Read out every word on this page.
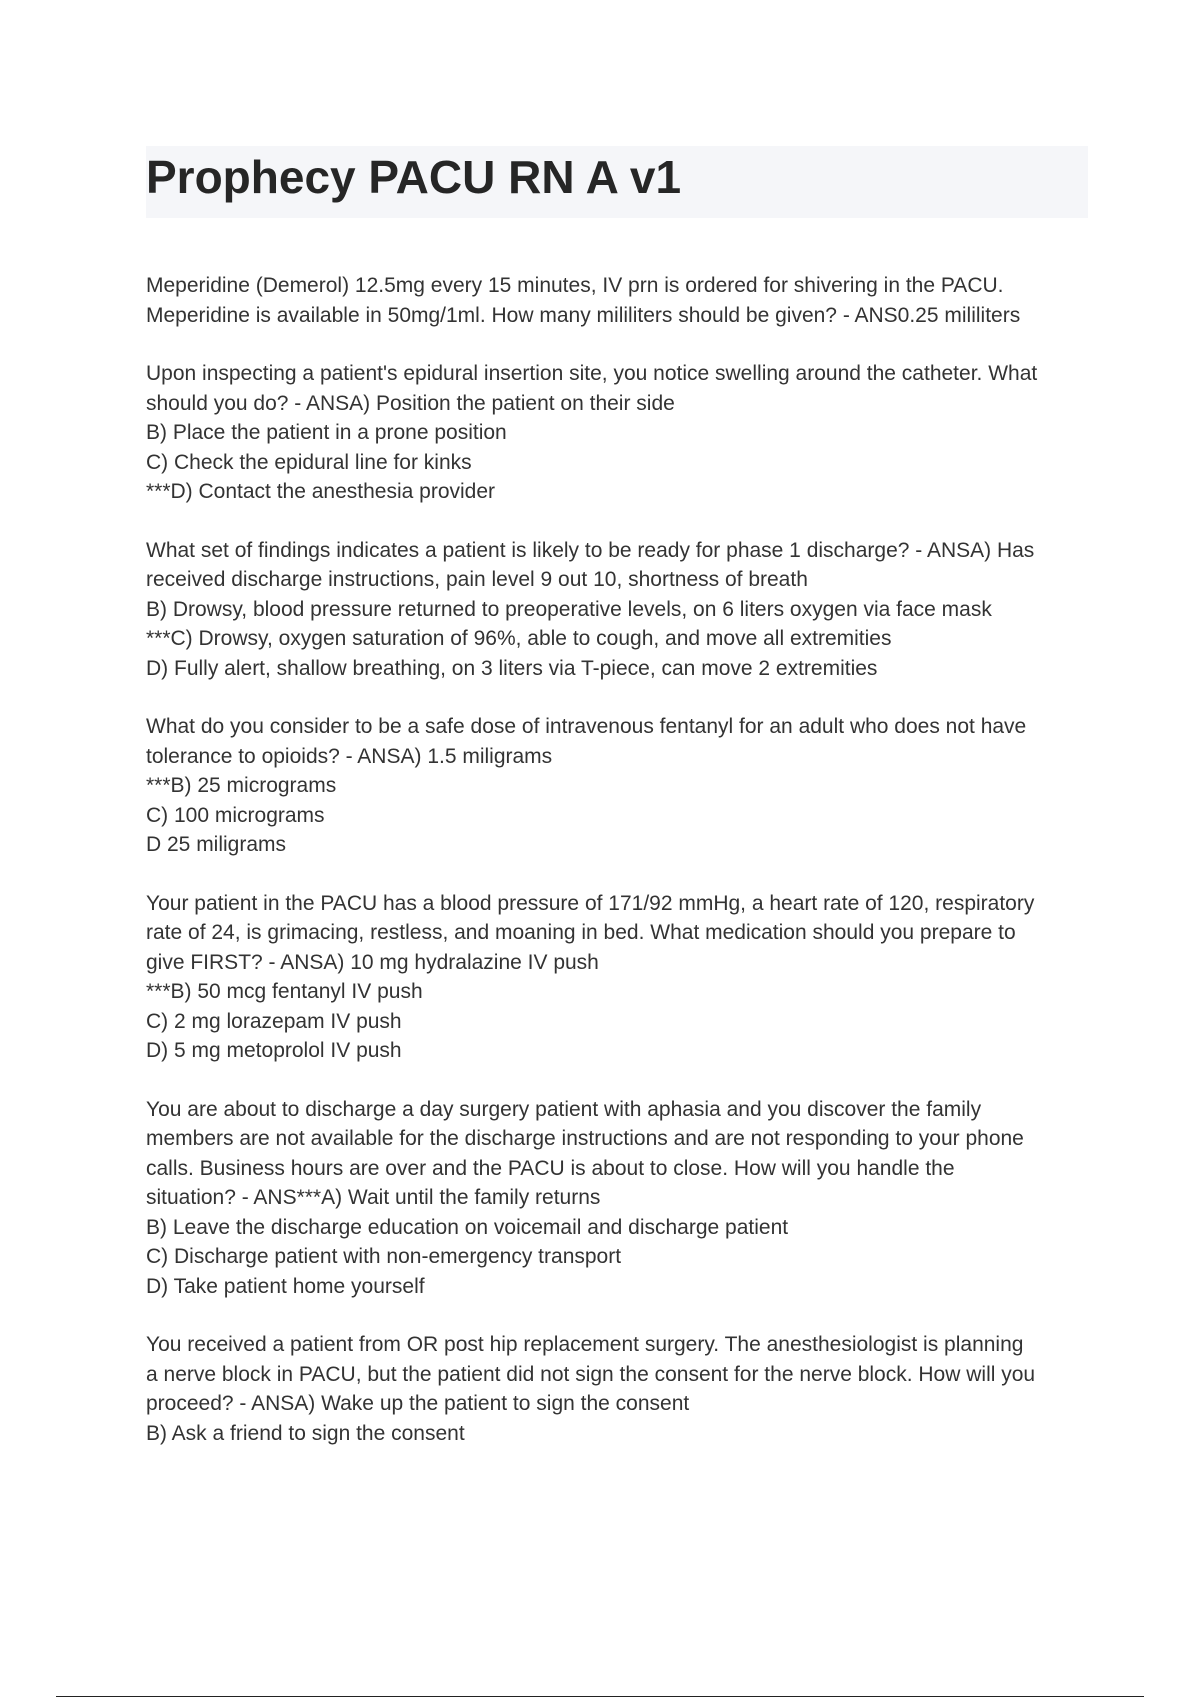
Prophecy PACU RN A v1
Meperidine (Demerol) 12.5mg every 15 minutes, IV prn is ordered for shivering in the PACU.
Meperidine is available in 50mg/1ml. How many mililiters should be given? - ANS0.25 mililiters
Upon inspecting a patient's epidural insertion site, you notice swelling around the catheter. What
should you do? - ANSA) Position the patient on their side
B) Place the patient in a prone position
C) Check the epidural line for kinks
***D) Contact the anesthesia provider
What set of findings indicates a patient is likely to be ready for phase 1 discharge? - ANSA) Has
received discharge instructions, pain level 9 out 10, shortness of breath
B) Drowsy, blood pressure returned to preoperative levels, on 6 liters oxygen via face mask
***C) Drowsy, oxygen saturation of 96%, able to cough, and move all extremities
D) Fully alert, shallow breathing, on 3 liters via T-piece, can move 2 extremities
What do you consider to be a safe dose of intravenous fentanyl for an adult who does not have
tolerance to opioids? - ANSA) 1.5 miligrams
***B) 25 micrograms
C) 100 micrograms
D 25 miligrams
Your patient in the PACU has a blood pressure of 171/92 mmHg, a heart rate of 120, respiratory
rate of 24, is grimacing, restless, and moaning in bed. What medication should you prepare to
give FIRST? - ANSA) 10 mg hydralazine IV push
***B) 50 mcg fentanyl IV push
C) 2 mg lorazepam IV push
D) 5 mg metoprolol IV push
You are about to discharge a day surgery patient with aphasia and you discover the family
members are not available for the discharge instructions and are not responding to your phone
calls. Business hours are over and the PACU is about to close. How will you handle the
situation? - ANS***A) Wait until the family returns
B) Leave the discharge education on voicemail and discharge patient
C) Discharge patient with non-emergency transport
D) Take patient home yourself
You received a patient from OR post hip replacement surgery. The anesthesiologist is planning
a nerve block in PACU, but the patient did not sign the consent for the nerve block. How will you
proceed? - ANSA) Wake up the patient to sign the consent
B) Ask a friend to sign the consent
